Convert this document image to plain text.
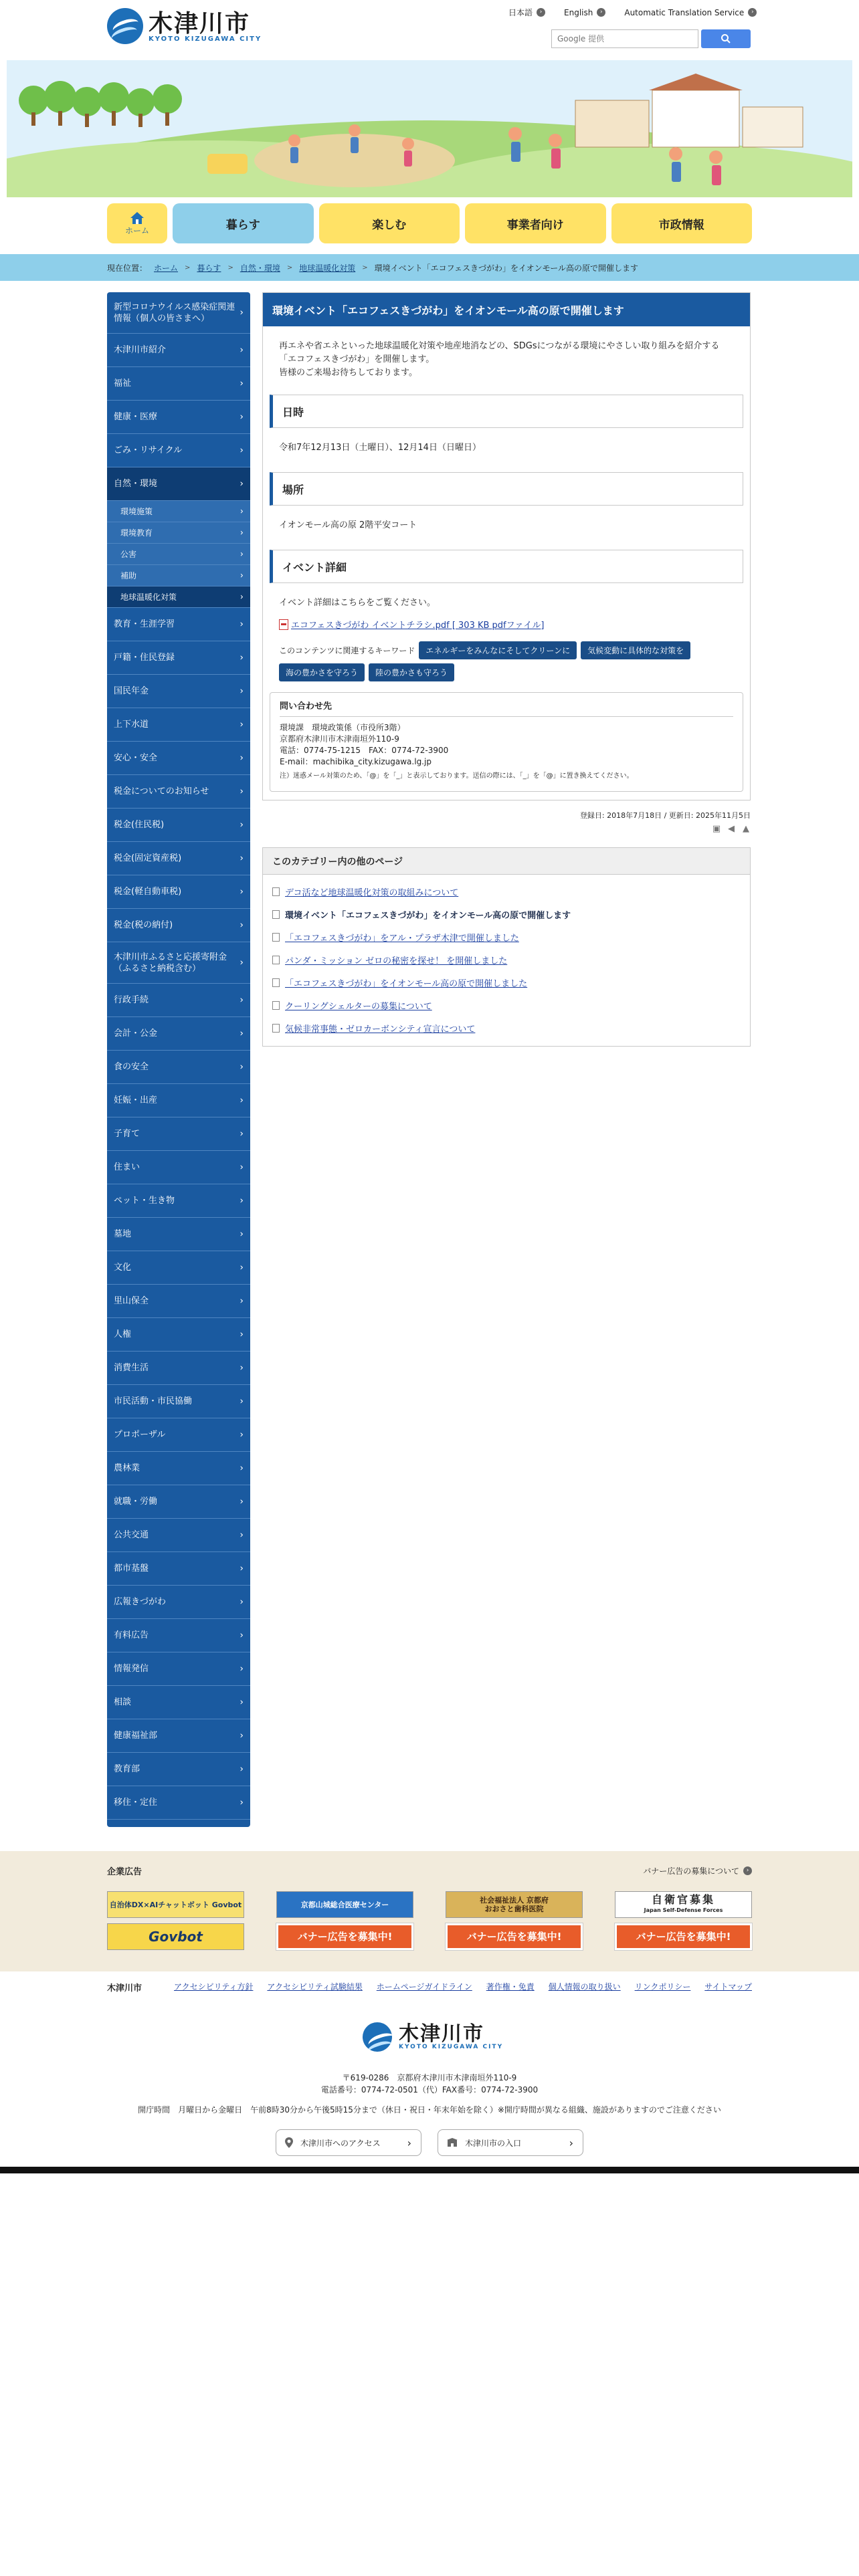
木津川市
KYOTO KIZUGAWA CITY
日本語	›	English	›	Automatic Translation Service	›
Google 提供
ホーム	暮らす	楽しむ	事業者向け	市政情報
現在位置： ホーム > 暮らす > 自然・環境 > 地球温暖化対策 > 環境イベント「エコフェスきづがわ」をイオンモール高の原で開催します
新型コロナウイルス感染症関連情報（個人の皆さまへ） ›
木津川市紹介 ›
福祉 ›
健康・医療 ›
ごみ・リサイクル ›
自然・環境 ›
環境施策 ›
環境教育 ›
公害 ›
補助 ›
地球温暖化対策 ›
教育・生涯学習 ›
戸籍・住民登録 ›
国民年金 ›
上下水道 ›
安心・安全 ›
税金についてのお知らせ ›
税金(住民税) ›
税金(固定資産税) ›
税金(軽自動車税) ›
税金(税の納付) ›
木津川市ふるさと応援寄附金（ふるさと納税含む） ›
行政手続 ›
会計・公金 ›
食の安全 ›
妊娠・出産 ›
子育て ›
住まい ›
ペット・生き物 ›
墓地 ›
文化 ›
里山保全 ›
人権 ›
消費生活 ›
市民活動・市民協働 ›
プロポーザル ›
農林業 ›
就職・労働 ›
公共交通 ›
都市基盤 ›
広報きづがわ ›
有料広告 ›
情報発信 ›
相談 ›
健康福祉部 ›
教育部 ›
移住・定住 ›
環境イベント「エコフェスきづがわ」をイオンモール高の原で開催します

再エネや省エネといった地球温暖化対策や地産地消などの、SDGsにつながる環境にやさしい取り組みを紹介する「エコフェスきづがわ」を開催します。

皆様のご来場お待ちしております。

日時

令和7年12月13日（土曜日）、12月14日（日曜日）

場所

イオンモール高の原 2階平安コート

イベント詳細

イベント詳細はこちらをご覧ください。

エコフェスきづがわ イベントチラシ.pdf [ 303 KB pdfファイル]
このコンテンツに関連するキーワード	エネルギーをみんなにそしてクリーンに	気候変動に具体的な対策を
海の豊かさを守ろう	陸の豊かさも守ろう
問い合わせ先
環境課　環境政策係（市役所3階）
京都府木津川市木津南垣外110-9
電話：0774-75-1215　FAX：0774-72-3900
E-mail：machibika_city.kizugawa.lg.jp
注）迷惑メール対策のため、「@」を「_」と表示しております。送信の際には、「_」を「@」に置き換えてください。
登録日: 2018年7月18日 / 更新日: 2025年11月5日
▣ ◀ ▲
このカテゴリー内の他のページ
デコ活など地球温暖化対策の取組みについて
環境イベント「エコフェスきづがわ」をイオンモール高の原で開催します
「エコフェスきづがわ」をアル・プラザ木津で開催しました
パンダ・ミッション ゼロの秘密を探せ！ を開催しました
「エコフェスきづがわ」をイオンモール高の原で開催しました
クーリングシェルターの募集について
気候非常事態・ゼロカーボンシティ宣言について
企業広告	バナー広告の募集について	›
自治体DX×AIチャットボット Govbot	京都山城総合医療センター	社会福祉法人 京都府
おおさと歯科医院
自衛官募集
Japan Self-Defense Forces
Govbot	バナー広告を募集中!	バナー広告を募集中!	バナー広告を募集中!
木津川市	アクセシビリティ方針 アクセシビリティ試験結果 ホームページガイドライン 著作権・免責 個人情報の取り扱い リンクポリシー サイトマップ
木津川市
KYOTO KIZUGAWA CITY
〒619-0286　京都府木津川市木津南垣外110-9
電話番号：0774-72-0501（代）FAX番号：0774-72-3900
開庁時間　月曜日から金曜日　午前8時30分から午後5時15分まで（休日・祝日・年末年始を除く）※開庁時間が異なる組織、施設がありますのでご注意ください
木津川市へのアクセス
›	木津川市の入口
›
